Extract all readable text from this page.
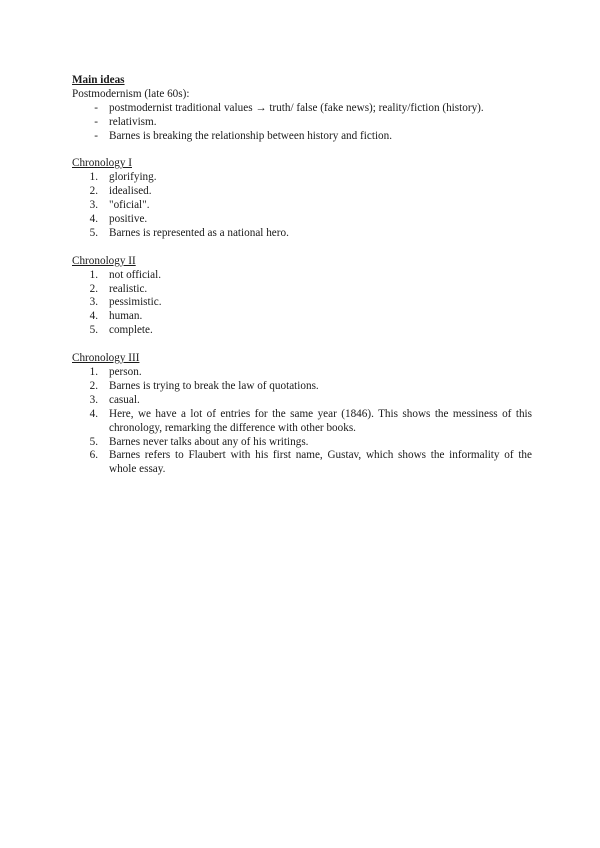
Main ideas
Postmodernism (late 60s):
- postmodernist traditional values → truth/ false (fake news); reality/fiction (history).
- relativism.
- Barnes is breaking the relationship between history and fiction.
Chronology I
1. glorifying.
2. idealised.
3. "oficial".
4. positive.
5. Barnes is represented as a national hero.
Chronology II
1. not official.
2. realistic.
3. pessimistic.
4. human.
5. complete.
Chronology III
1. person.
2. Barnes is trying to break the law of quotations.
3. casual.
4. Here, we have a lot of entries for the same year (1846). This shows the messiness of this chronology, remarking the difference with other books.
5. Barnes never talks about any of his writings.
6. Barnes refers to Flaubert with his first name, Gustav, which shows the informality of the whole essay.
